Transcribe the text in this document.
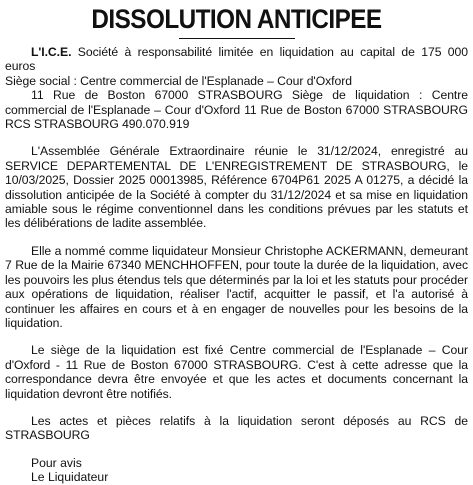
DISSOLUTION ANTICIPEE

L'I.C.E. Société à responsabilité limitée en liquidation au capital de 175 000 euros
Siège social : Centre commercial de l'Esplanade – Cour d'Oxford
11 Rue de Boston 67000 STRASBOURG Siège de liquidation : Centre commercial de l'Esplanade – Cour d'Oxford 11 Rue de Boston 67000 STRASBOURG RCS STRASBOURG 490.070.919

L'Assemblée Générale Extraordinaire réunie le 31/12/2024, enregistré au SERVICE DEPARTEMENTAL DE L'ENREGISTREMENT DE STRASBOURG, le 10/03/2025, Dossier 2025 00013985, Référence 6704P61 2025 A 01275, a décidé la dissolution anticipée de la Société à compter du 31/12/2024 et sa mise en liquidation amiable sous le régime conventionnel dans les conditions prévues par les statuts et les délibérations de ladite assemblée.

Elle a nommé comme liquidateur Monsieur Christophe ACKERMANN, demeurant 7 Rue de la Mairie 67340 MENCHHOFFEN, pour toute la durée de la liquidation, avec les pouvoirs les plus étendus tels que déterminés par la loi et les statuts pour procéder aux opérations de liquidation, réaliser l'actif, acquitter le passif, et l'a autorisé à continuer les affaires en cours et à en engager de nouvelles pour les besoins de la liquidation.

Le siège de la liquidation est fixé Centre commercial de l'Esplanade – Cour d'Oxford - 11 Rue de Boston 67000 STRASBOURG. C'est à cette adresse que la correspondance devra être envoyée et que les actes et documents concernant la liquidation devront être notifiés.

Les actes et pièces relatifs à la liquidation seront déposés au RCS de STRASBOURG

Pour avis
Le Liquidateur
